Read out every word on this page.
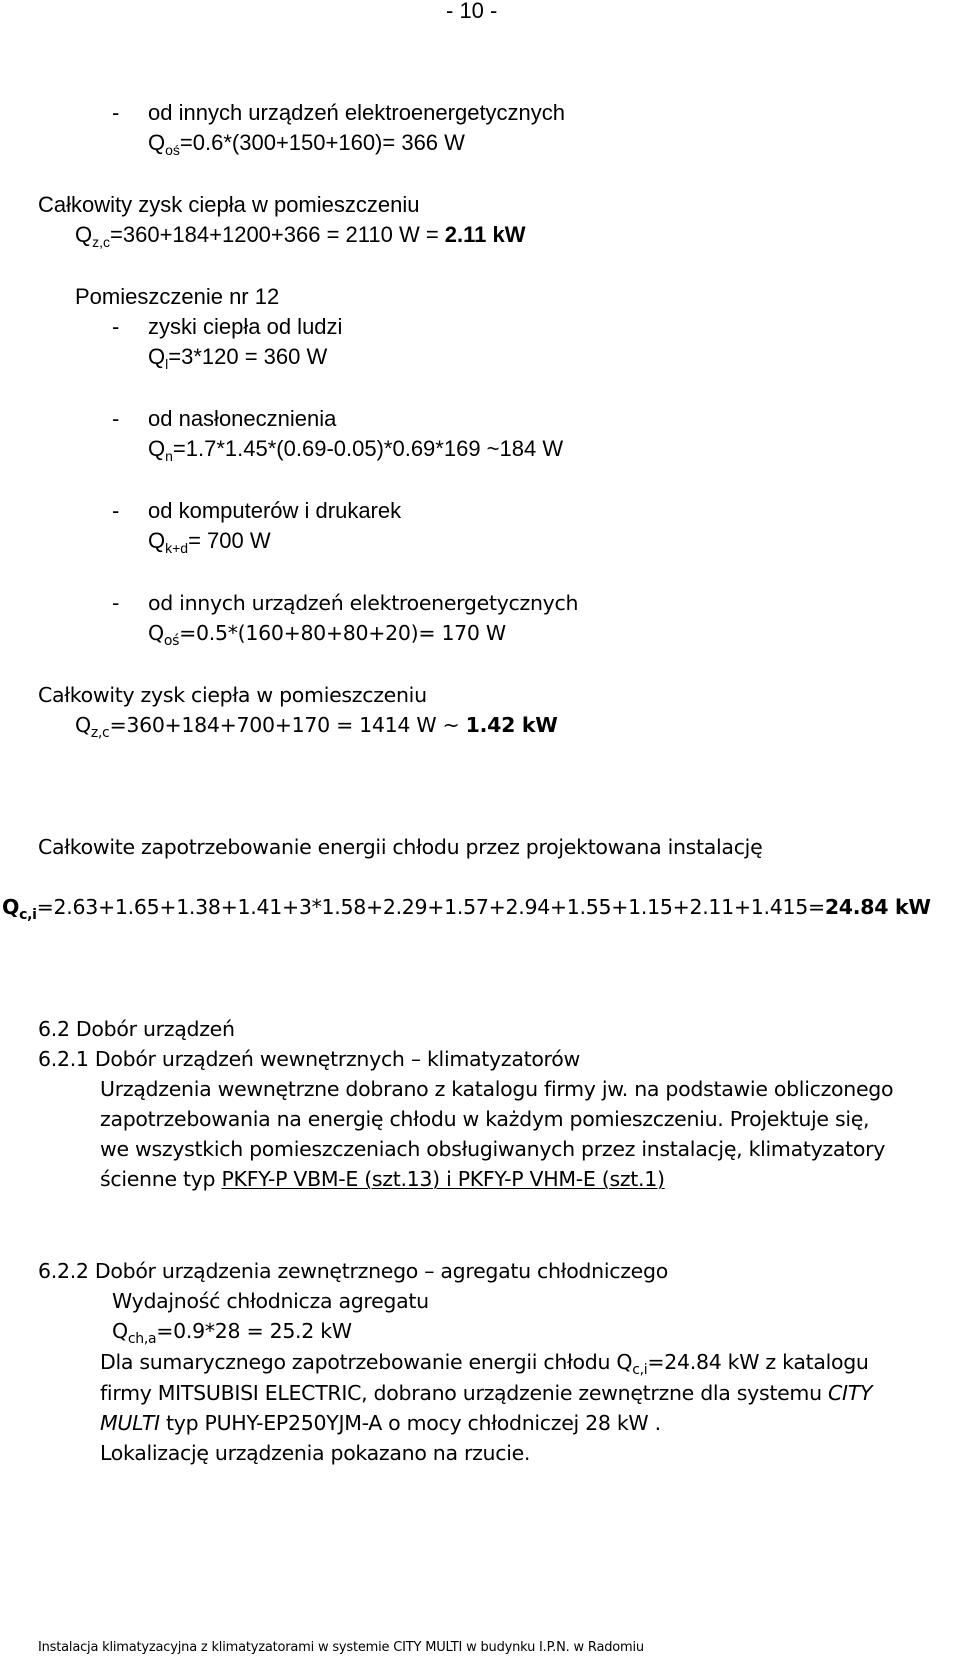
- 10 -
- od innych urządzeń elektroenergetycznych
$Q_{oś}=0.6*(300+150+160)= 366$ W
Całkowity zysk ciepła w pomieszczeniu
$Q_{z,c}=360+184+1200+366 = 2110$ W = 2.11 kW
Pomieszczenie nr 12
- zyski ciepła od ludzi
$Q_l=3*120 = 360$ W
- od nasłonecznienia
$Q_n=1.7*1.45*(0.69-0.05)*0.69*169$ ~184 W
- od komputerów i drukarek
$Q_{k+d}= 700$ W
- od innych urządzeń elektroenergetycznych
$Q_{oś}=0.5*(160+80+80+20)= 170$ W
Całkowity zysk ciepła w pomieszczeniu
$Q_{z,c}=360+184+700+170 = 1414$ W ~ 1.42 kW
Całkowite zapotrzebowanie energii chłodu przez projektowana instalację
$Q_{c,i}=2.63+1.65+1.38+1.41+3*1.58+2.29+1.57+2.94+1.55+1.15+2.11+1.415=24.84$ kW
6.2 Dobór urządzeń
6.2.1 Dobór urządzeń wewnętrznych – klimatyzatorów
Urządzenia wewnętrzne dobrano z katalogu firmy jw. na podstawie obliczonego
zapotrzebowania na energię chłodu w każdym pomieszczeniu. Projektuje się,
we wszystkich pomieszczeniach obsługiwanych przez instalację, klimatyzatory
ścienne typ PKFY-P VBM-E (szt.13) i PKFY-P VHM-E (szt.1)
6.2.2 Dobór urządzenia zewnętrznego – agregatu chłodniczego
Wydajność chłodnicza agregatu
$Q_{ch,a}=0.9*28 = 25.2$ kW
Dla sumarycznego zapotrzebowanie energii chłodu $Q_{c,i}=24.84$ kW z katalogu
firmy MITSUBISI ELECTRIC, dobrano urządzenie zewnętrzne dla systemu CITY
MULTI typ PUHY-EP250YJM-A o mocy chłodniczej 28 kW .
Lokalizację urządzenia pokazano na rzucie.
Instalacja klimatyzacyjna z klimatyzatorami w systemie CITY MULTI w budynku I.P.N. w Radomiu
